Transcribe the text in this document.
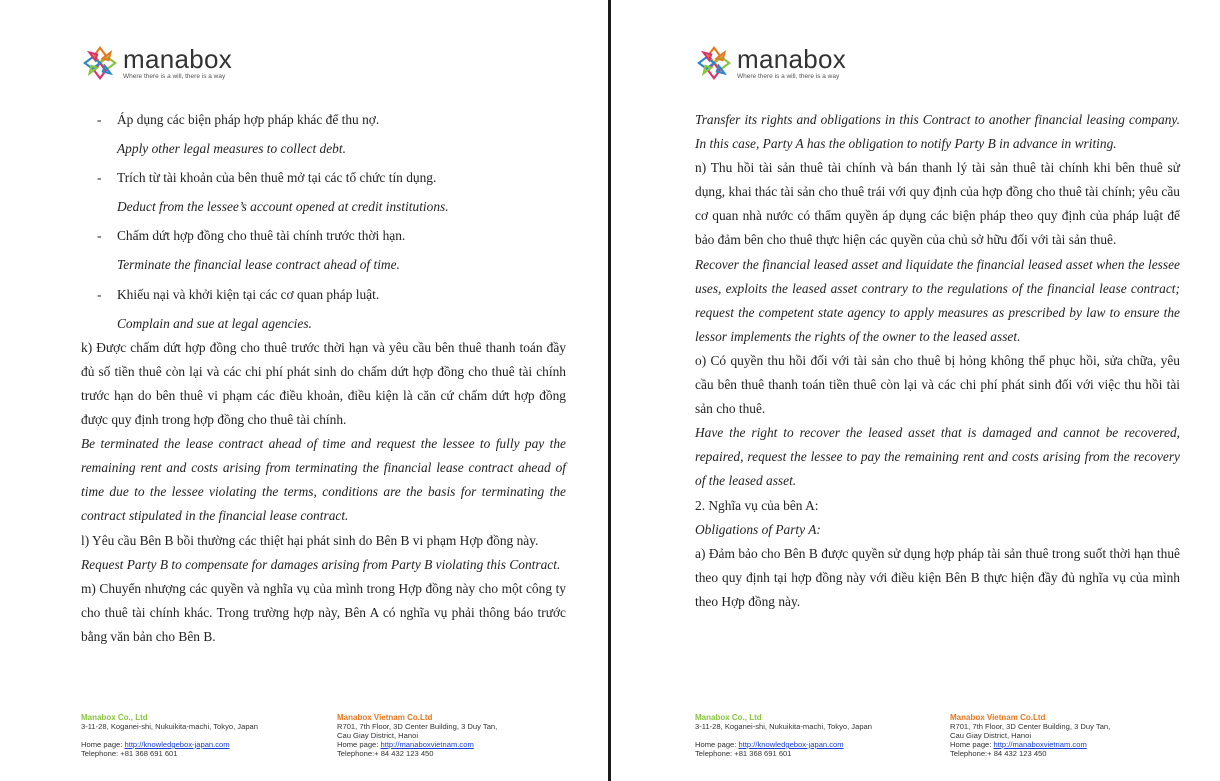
manabox
Where there is a will, there is a way
- Áp dụng các biện pháp hợp pháp khác để thu nợ.
Apply other legal measures to collect debt.
- Trích từ tài khoản của bên thuê mở tại các tổ chức tín dụng.
Deduct from the lessee’s account opened at credit institutions.
- Chấm dứt hợp đồng cho thuê tài chính trước thời hạn.
Terminate the financial lease contract ahead of time.
- Khiếu nại và khởi kiện tại các cơ quan pháp luật.
Complain and sue at legal agencies.

k) Được chấm dứt hợp đồng cho thuê trước thời hạn và yêu cầu bên thuê thanh toán đầy đủ số tiền thuê còn lại và các chi phí phát sinh do chấm dứt hợp đồng cho thuê tài chính trước hạn do bên thuê vi phạm các điều khoản, điều kiện là căn cứ chấm dứt hợp đồng được quy định trong hợp đồng cho thuê tài chính.

Be terminated the lease contract ahead of time and request the lessee to fully pay the remaining rent and costs arising from terminating the financial lease contract ahead of time due to the lessee violating the terms, conditions are the basis for terminating the contract stipulated in the financial lease contract.

l) Yêu cầu Bên B bồi thường các thiệt hại phát sinh do Bên B vi phạm Hợp đồng này.

Request Party B to compensate for damages arising from Party B violating this Contract.

m) Chuyển nhượng các quyền và nghĩa vụ của mình trong Hợp đồng này cho một công ty cho thuê tài chính khác. Trong trường hợp này, Bên A có nghĩa vụ phải thông báo trước bằng văn bản cho Bên B.

Manabox Co., Ltd
3-11-28, Koganei-shi, Nukuikita-machi, Tokyo, Japan
Home page: http://knowledgebox-japan.com
Telephone: +81 368 691 601
Manabox Vietnam Co.Ltd
R701, 7th Floor, 3D Center Building, 3 Duy Tan,
Cau Giay District, Hanoi
Home page: http://manaboxvietnam.com
Telephone:+ 84 432 123 450
manabox
Where there is a will, there is a way

Transfer its rights and obligations in this Contract to another financial leasing company. In this case, Party A has the obligation to notify Party B in advance in writing.

n) Thu hồi tài sản thuê tài chính và bán thanh lý tài sản thuê tài chính khi bên thuê sử dụng, khai thác tài sản cho thuê trái với quy định của hợp đồng cho thuê tài chính; yêu cầu cơ quan nhà nước có thẩm quyền áp dụng các biện pháp theo quy định của pháp luật để bảo đảm bên cho thuê thực hiện các quyền của chủ sở hữu đối với tài sản thuê.

Recover the financial leased asset and liquidate the financial leased asset when the lessee uses, exploits the leased asset contrary to the regulations of the financial lease contract; request the competent state agency to apply measures as prescribed by law to ensure the lessor implements the rights of the owner to the leased asset.

o) Có quyền thu hồi đối với tài sản cho thuê bị hỏng không thể phục hồi, sửa chữa, yêu cầu bên thuê thanh toán tiền thuê còn lại và các chi phí phát sinh đối với việc thu hồi tài sản cho thuê.

Have the right to recover the leased asset that is damaged and cannot be recovered, repaired, request the lessee to pay the remaining rent and costs arising from the recovery of the leased asset.

2. Nghĩa vụ của bên A:

Obligations of Party A:

a) Đảm bảo cho Bên B được quyền sử dụng hợp pháp tài sản thuê trong suốt thời hạn thuê theo quy định tại hợp đồng này với điều kiện Bên B thực hiện đầy đủ nghĩa vụ của mình theo Hợp đồng này.

Manabox Co., Ltd
3-11-28, Koganei-shi, Nukuikita-machi, Tokyo, Japan
Home page: http://knowledgebox-japan.com
Telephone: +81 368 691 601
Manabox Vietnam Co.Ltd
R701, 7th Floor, 3D Center Building, 3 Duy Tan,
Cau Giay District, Hanoi
Home page: http://manaboxvietnam.com
Telephone:+ 84 432 123 450
